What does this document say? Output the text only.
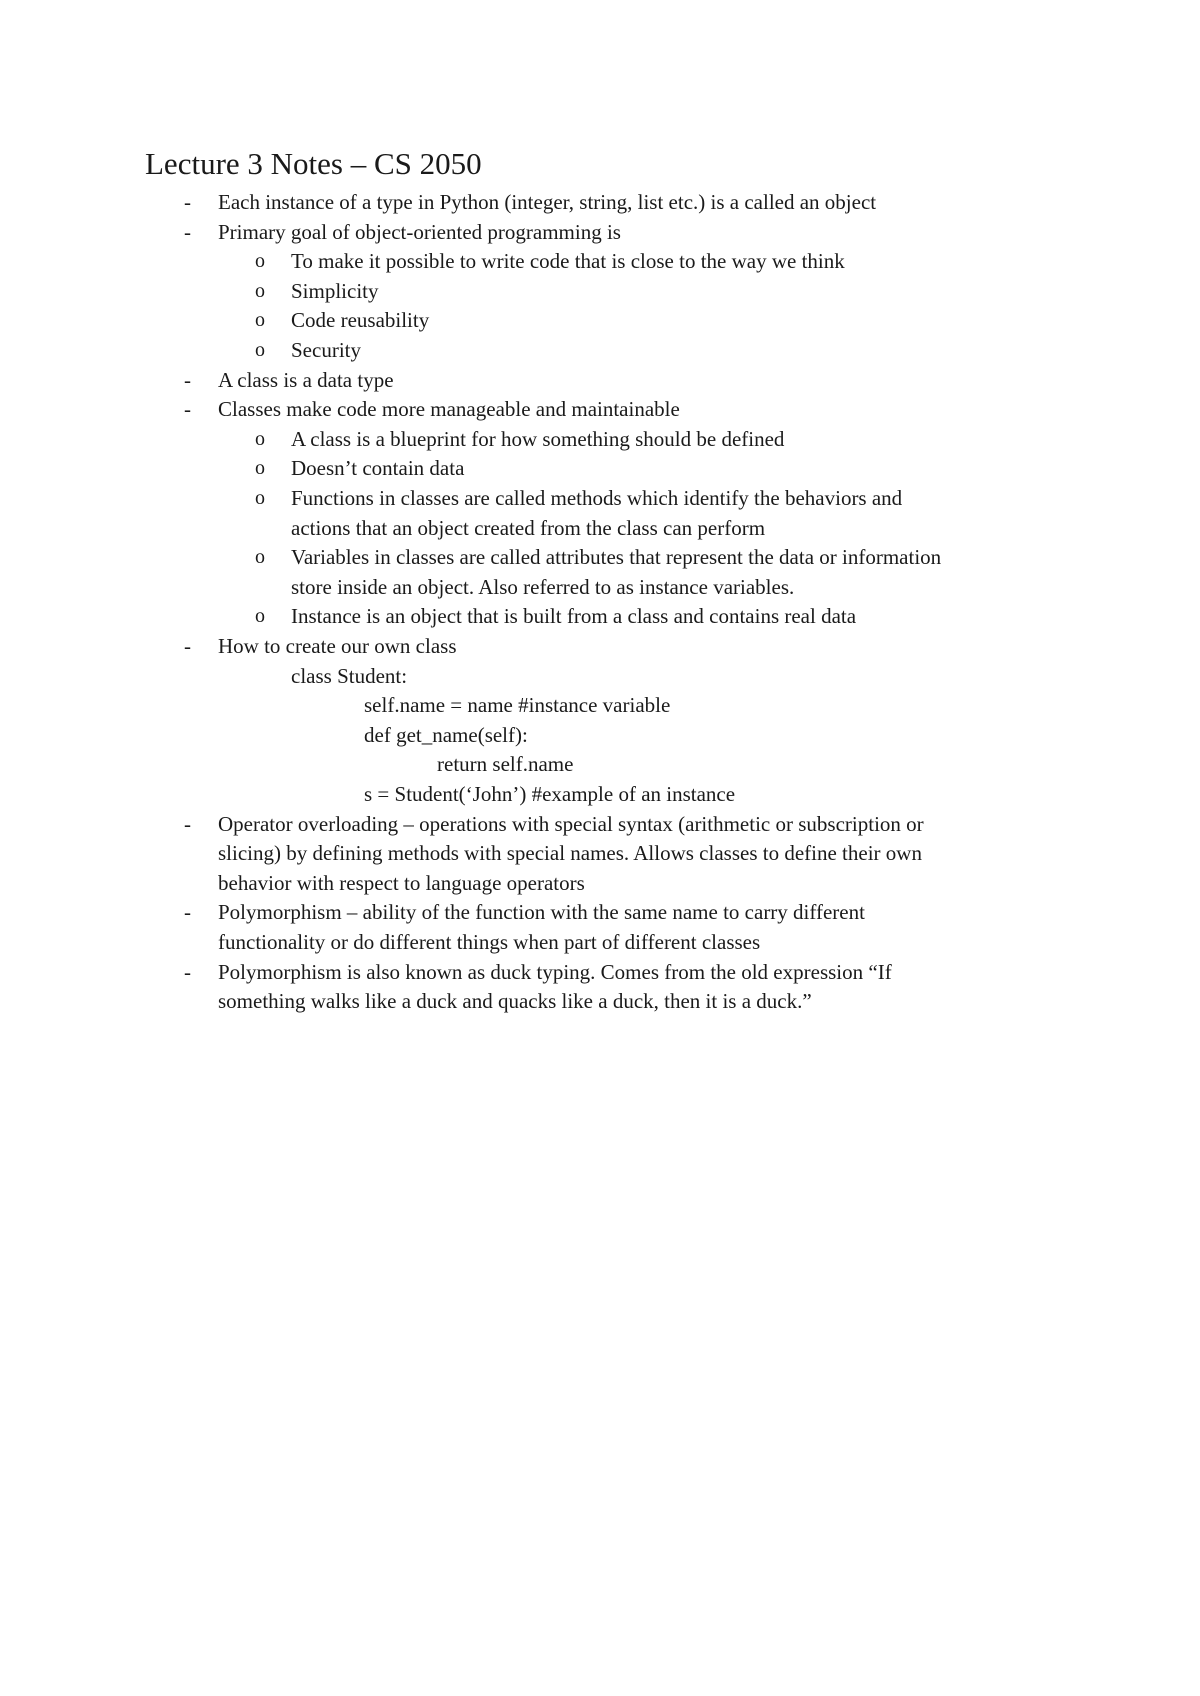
Lecture 3 Notes – CS 2050
- Each instance of a type in Python (integer, string, list etc.) is a called an object
- Primary goal of object-oriented programming is
o To make it possible to write code that is close to the way we think
o Simplicity
o Code reusability
o Security
- A class is a data type
- Classes make code more manageable and maintainable
o A class is a blueprint for how something should be defined
o Doesn’t contain data
o Functions in classes are called methods which identify the behaviors and
actions that an object created from the class can perform
o Variables in classes are called attributes that represent the data or information
store inside an object. Also referred to as instance variables.
o Instance is an object that is built from a class and contains real data
- How to create our own class
class Student:
self.name = name #instance variable
def get_name(self):
return self.name
s = Student(‘John’) #example of an instance
- Operator overloading – operations with special syntax (arithmetic or subscription or
slicing) by defining methods with special names. Allows classes to define their own
behavior with respect to language operators
- Polymorphism – ability of the function with the same name to carry different
functionality or do different things when part of different classes
- Polymorphism is also known as duck typing. Comes from the old expression “If
something walks like a duck and quacks like a duck, then it is a duck.”
